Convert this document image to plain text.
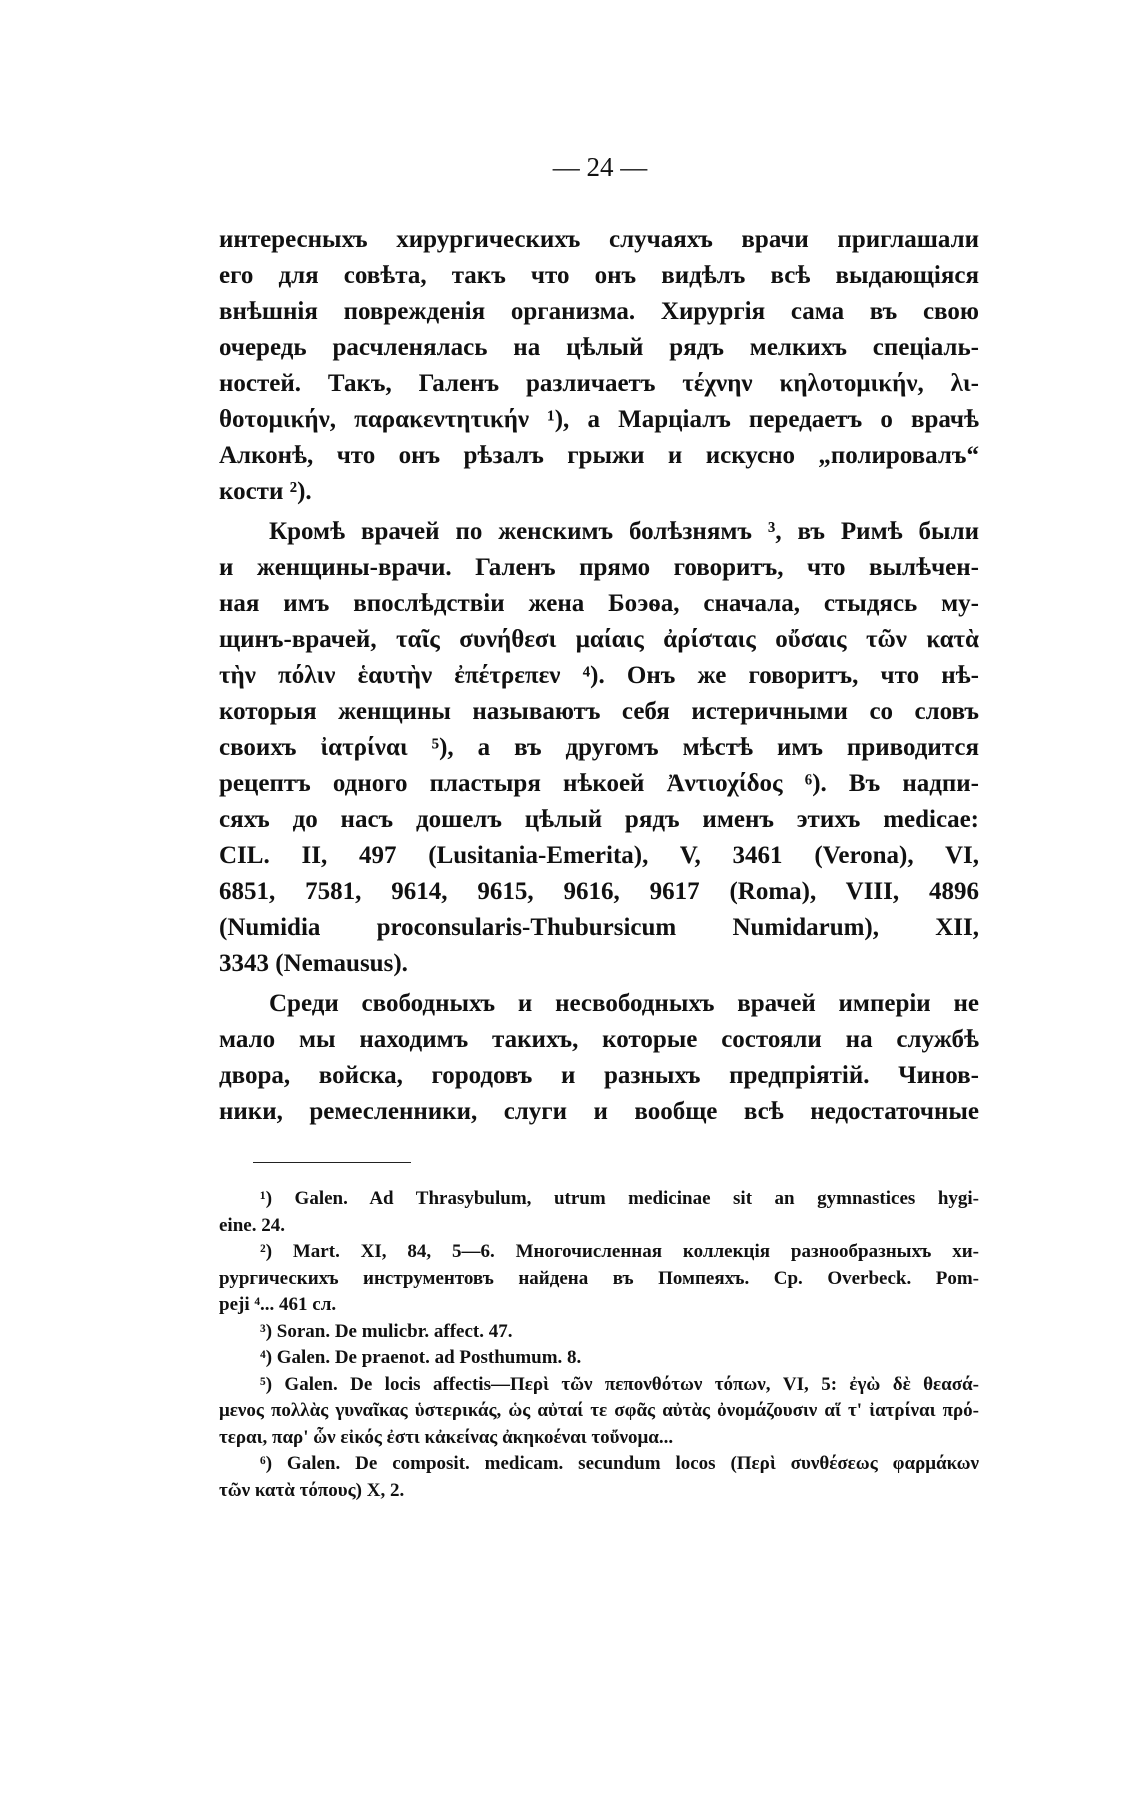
— 24 —
интересныхъ хирургическихъ случаяхъ врачи приглашали
его для совѣта, такъ что онъ видѣлъ всѣ выдающіяся
внѣшнія поврежденія организма. Хирургія сама въ свою
очередь расчленялась на цѣлый рядъ мелкихъ спеціаль-
ностей. Такъ, Галенъ различаетъ τέχνην κηλοτομικήν, λι-
θοτομικήν, παρακεντητικήν ¹), а Марціалъ передаетъ о врачѣ
Алконѣ, что онъ рѣзалъ грыжи и искусно „полировалъ“
кости ²).
Кромѣ врачей по женскимъ болѣзнямъ ³, въ Римѣ были
и женщины-врачи. Галенъ прямо говоритъ, что вылѣчен-
ная имъ впослѣдствіи жена Боэѳа, сначала, стыдясь му-
щинъ-врачей, ταῖς συνήθεσι μαίαις ἀρίσταις οὔσαις τῶν κατὰ
τὴν πόλιν ἑαυτὴν ἐπέτρεπεν ⁴). Онъ же говоритъ, что нѣ-
которыя женщины называютъ себя истеричными со словъ
своихъ ἰατρίναι ⁵), а въ другомъ мѣстѣ имъ приводится
рецептъ одного пластыря нѣкоей Ἀντιοχίδος ⁶). Въ надпи-
сяхъ до насъ дошелъ цѣлый рядъ именъ этихъ medicae:
CIL. II, 497 (Lusitania-Emerita), V, 3461 (Verona), VI,
6851, 7581, 9614, 9615, 9616, 9617 (Roma), VIII, 4896
(Numidia proconsularis-Thubursicum Numidarum), XII,
3343 (Nemausus).
Среди свободныхъ и несвободныхъ врачей имперіи не
мало мы находимъ такихъ, которые состояли на службѣ
двора, войска, городовъ и разныхъ предпріятій. Чинов-
ники, ремесленники, слуги и вообще всѣ недостаточные
¹) Galen. Ad Thrasybulum, utrum medicinae sit an gymnastices hygi-
eine. 24.
²) Mart. XI, 84, 5—6. Многочисленная коллекція разнообразныхъ хи-
рургическихъ инструментовъ найдена въ Помпеяхъ. Ср. Overbeck. Pom-
peji ⁴... 461 сл.
³) Soran. De mulicbr. affect. 47.
⁴) Galen. De praenot. ad Posthumum. 8.
⁵) Galen. De locis affectis—Περὶ τῶν πεπονθότων τόπων, VI, 5: ἐγὼ δὲ θεασά-
μενος πολλὰς γυναῖκας ὑστερικάς, ὡς αὐταί τε σφᾶς αὐτὰς ὀνομάζουσιν αἵ τ' ἰατρίναι πρό-
τεραι, παρ' ὧν εἰκός ἐστι κἀκείνας ἀκηκοέναι τοὔνομα...
⁶) Galen. De composit. medicam. secundum locos (Περὶ συνθέσεως φαρμάκων
τῶν κατὰ τόπους) X, 2.
